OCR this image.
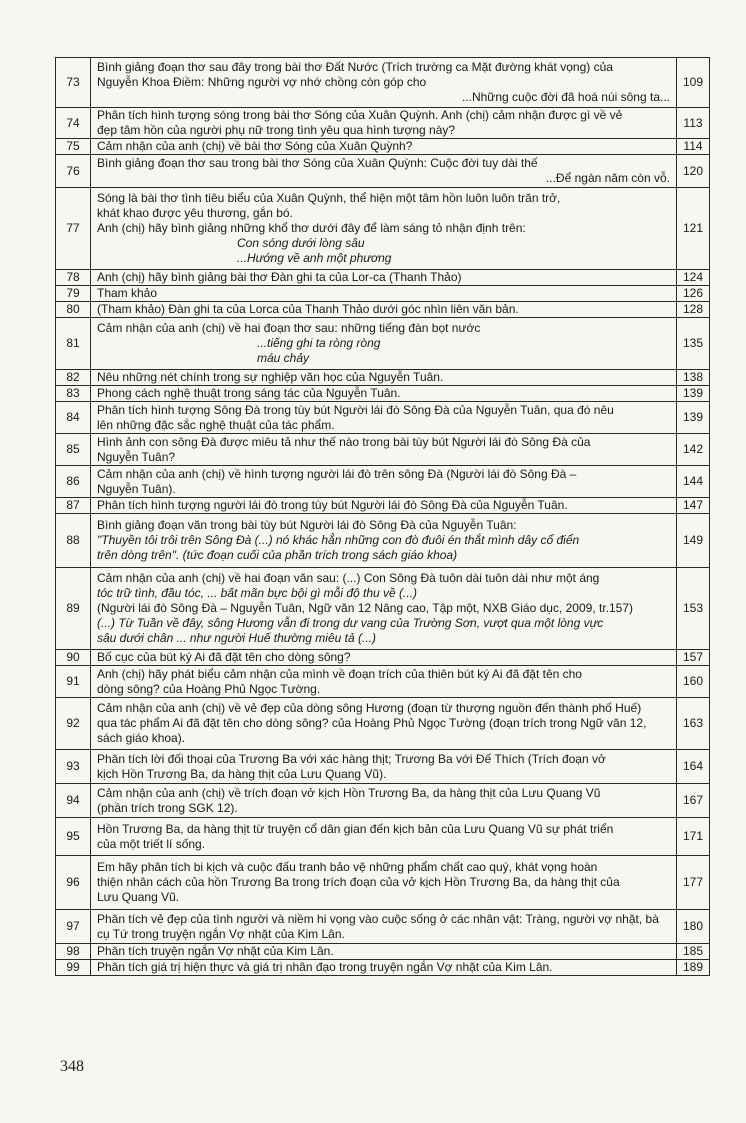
73	Bình giảng đoạn thơ sau đây trong bài thơ Đất Nước (Trích trường ca Mặt đường khát vọng) của
Nguyễn Khoa Điềm: Những người vợ nhớ chồng còn góp cho
...Những cuộc đời đã hoá núi sông ta...	109
74	Phân tích hình tượng sóng trong bài thơ Sóng của Xuân Quỳnh. Anh (chị) cảm nhận được gì về vẻ
đẹp tâm hồn của người phụ nữ trong tình yêu qua hình tượng này?	113
75	Cảm nhận của anh (chị) về bài thơ Sóng của Xuân Quỳnh?	114
76	Bình giảng đoạn thơ sau trong bài thơ Sóng của Xuân Quỳnh: Cuộc đời tuy dài thế
...Để ngàn năm còn vỗ.	120
77	Sóng là bài thơ tình tiêu biểu của Xuân Quỳnh, thể hiện một tâm hồn luôn luôn trăn trở,
khát khao được yêu thương, gắn bó.
Anh (chị) hãy bình giảng những khổ thơ dưới đây để làm sáng tỏ nhận định trên:
Con sóng dưới lòng sâu
...Hướng về anh một phương	121
78	Anh (chị) hãy bình giảng bài thơ Đàn ghi ta của Lor-ca (Thanh Thảo)	124
79	Tham khảo	126
80	(Tham khảo) Đàn ghi ta của Lorca của Thanh Thảo dưới góc nhìn liên văn bản.	128
81	Cảm nhận của anh (chị) về hai đoạn thơ sau: những tiếng đàn bọt nước
...tiếng ghi ta ròng ròng
máu chảy	135
82	Nêu những nét chính trong sự nghiệp văn học của Nguyễn Tuân.	138
83	Phong cách nghệ thuật trong sáng tác của Nguyễn Tuân.	139
84	Phân tích hình tượng Sông Đà trong tùy bút Người lái đò Sông Đà của Nguyễn Tuân, qua đó nêu
lên những đặc sắc nghệ thuật của tác phẩm.	139
85	Hình ảnh con sông Đà được miêu tả như thế nào trong bài tùy bút Người lái đò Sông Đà của
Nguyễn Tuân?	142
86	Cảm nhận của anh (chị) về hình tượng người lái đò trên sông Đà (Người lái đò Sông Đà –
Nguyễn Tuân).	144
87	Phân tích hình tượng người lái đò trong tùy bút Người lái đò Sông Đà của Nguyễn Tuân.	147
88	Bình giảng đoạn văn trong bài tùy bút Người lái đò Sông Đà của Nguyễn Tuân:
"Thuyền tôi trôi trên Sông Đà (...) nó khác hẳn những con đò đuôi én thắt mình dây cổ điển
trên dòng trên". (tức đoạn cuối của phần trích trong sách giáo khoa)	149
89	Cảm nhận của anh (chị) về hai đoạn văn sau: (...) Con Sông Đà tuôn dài tuôn dài như một áng
tóc trữ tình, đầu tóc, ... bất mãn bực bội gì mỗi độ thu về (...)
(Người lái đò Sông Đà – Nguyễn Tuân, Ngữ văn 12 Nâng cao, Tập một, NXB Giáo dục, 2009, tr.157)
(...) Từ Tuần về đây, sông Hương vẫn đi trong dư vang của Trường Sơn, vượt qua một lòng vực
sâu dưới chân ... như người Huế thường miêu tả (...)	153
90	Bố cục của bút ký Ai đã đặt tên cho dòng sông?	157
91	Anh (chị) hãy phát biểu cảm nhận của mình về đoạn trích của thiên bút ký Ai đã đặt tên cho
dòng sông? của Hoàng Phủ Ngọc Tường.	160
92	Cảm nhận của anh (chị) về vẻ đẹp của dòng sông Hương (đoạn từ thượng nguồn đến thành phố Huế)
qua tác phẩm Ai đã đặt tên cho dòng sông? của Hoàng Phủ Ngọc Tường (đoạn trích trong Ngữ văn 12,
sách giáo khoa).	163
93	Phân tích lời đối thoại của Trương Ba với xác hàng thịt; Trương Ba với Đế Thích (Trích đoạn vở
kịch Hồn Trương Ba, da hàng thịt của Lưu Quang Vũ).	164
94	Cảm nhận của anh (chị) về trích đoạn vở kịch Hồn Trương Ba, da hàng thịt của Lưu Quang Vũ
(phần trích trong SGK 12).	167
95	Hồn Trương Ba, da hàng thịt từ truyện cổ dân gian đến kịch bản của Lưu Quang Vũ sự phát triển
của một triết lí sống.	171
96	Em hãy phân tích bi kịch và cuộc đấu tranh bảo vệ những phẩm chất cao quý, khát vọng hoàn
thiện nhân cách của hồn Trương Ba trong trích đoạn của vở kịch Hồn Trương Ba, da hàng thịt của
Lưu Quang Vũ.	177
97	Phân tích vẻ đẹp của tình người và niềm hi vọng vào cuộc sống ở các nhân vật: Tràng, người vợ nhặt, bà
cụ Tứ trong truyện ngắn Vợ nhặt của Kim Lân.	180
98	Phân tích truyện ngắn Vợ nhặt của Kim Lân.	185
99	Phân tích giá trị hiện thực và giá trị nhân đạo trong truyện ngắn Vợ nhặt của Kim Lân.	189
348
